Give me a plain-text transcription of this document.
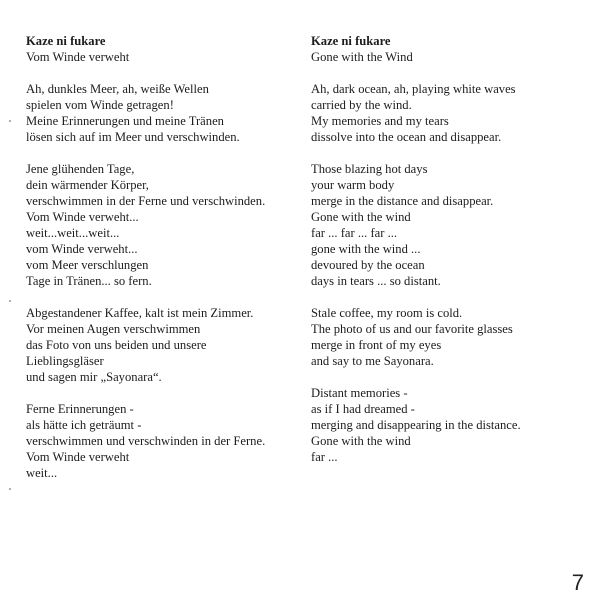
Kaze ni fukare
Vom Winde verweht
Ah, dunkles Meer, ah, weiße Wellen
spielen vom Winde getragen!
Meine Erinnerungen und meine Tränen
lösen sich auf im Meer und verschwinden.
Jene glühenden Tage,
dein wärmender Körper,
verschwimmen in der Ferne und verschwinden.
Vom Winde verweht...
weit...weit...weit...
vom Winde verweht...
vom Meer verschlungen
Tage in Tränen... so fern.
Abgestandener Kaffee, kalt ist mein Zimmer.
Vor meinen Augen verschwimmen
das Foto von uns beiden und unsere
Lieblingsgläser
und sagen mir „Sayonara“.
Ferne Erinnerungen -
als hätte ich geträumt -
verschwimmen und verschwinden in der Ferne.
Vom Winde verweht
weit...
Kaze ni fukare
Gone with the Wind
Ah, dark ocean, ah, playing white waves
carried by the wind.
My memories and my tears
dissolve into the ocean and disappear.
Those blazing hot days
your warm body
merge in the distance and disappear.
Gone with the wind
far ... far ... far ...
gone with the wind ...
devoured by the ocean
days in tears ... so distant.
Stale coffee, my room is cold.
The photo of us and our favorite glasses
merge in front of my eyes
and say to me Sayonara.
Distant memories -
as if I had dreamed -
merging and disappearing in the distance.
Gone with the wind
far ...
7
